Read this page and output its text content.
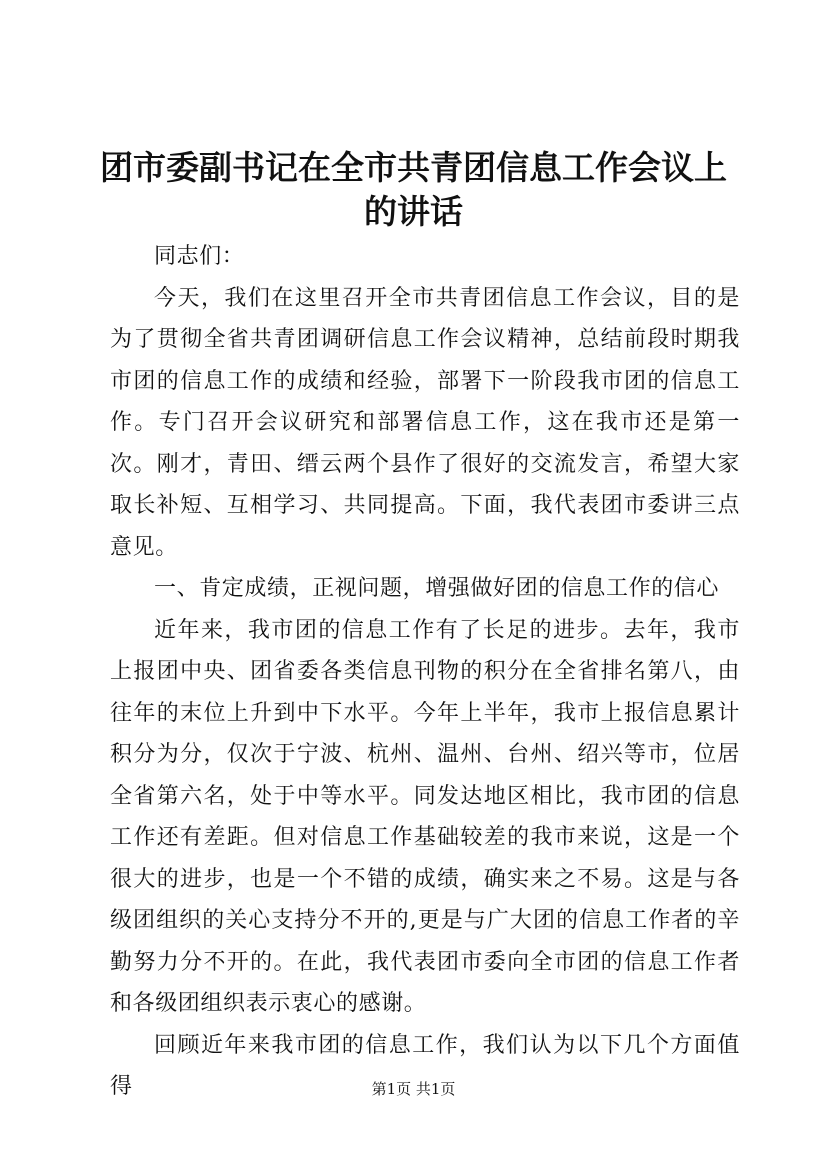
团市委副书记在全市共青团信息工作会议上的讲话

同志们：

今天，我们在这里召开全市共青团信息工作会议，目的是为了贯彻全省共青团调研信息工作会议精神，总结前段时期我市团的信息工作的成绩和经验，部署下一阶段我市团的信息工作。专门召开会议研究和部署信息工作，这在我市还是第一次。刚才，青田、缙云两个县作了很好的交流发言，希望大家取长补短、互相学习、共同提高。下面，我代表团市委讲三点意见。

一、肯定成绩，正视问题，增强做好团的信息工作的信心

近年来，我市团的信息工作有了长足的进步。去年，我市上报团中央、团省委各类信息刊物的积分在全省排名第八，由往年的末位上升到中下水平。今年上半年，我市上报信息累计积分为分，仅次于宁波、杭州、温州、台州、绍兴等市，位居全省第六名，处于中等水平。同发达地区相比，我市团的信息工作还有差距。但对信息工作基础较差的我市来说，这是一个很大的进步，也是一个不错的成绩，确实来之不易。这是与各级团组织的关心支持分不开的,更是与广大团的信息工作者的辛勤努力分不开的。在此，我代表团市委向全市团的信息工作者和各级团组织表示衷心的感谢。

回顾近年来我市团的信息工作，我们认为以下几个方面值得	第1页 共1页
